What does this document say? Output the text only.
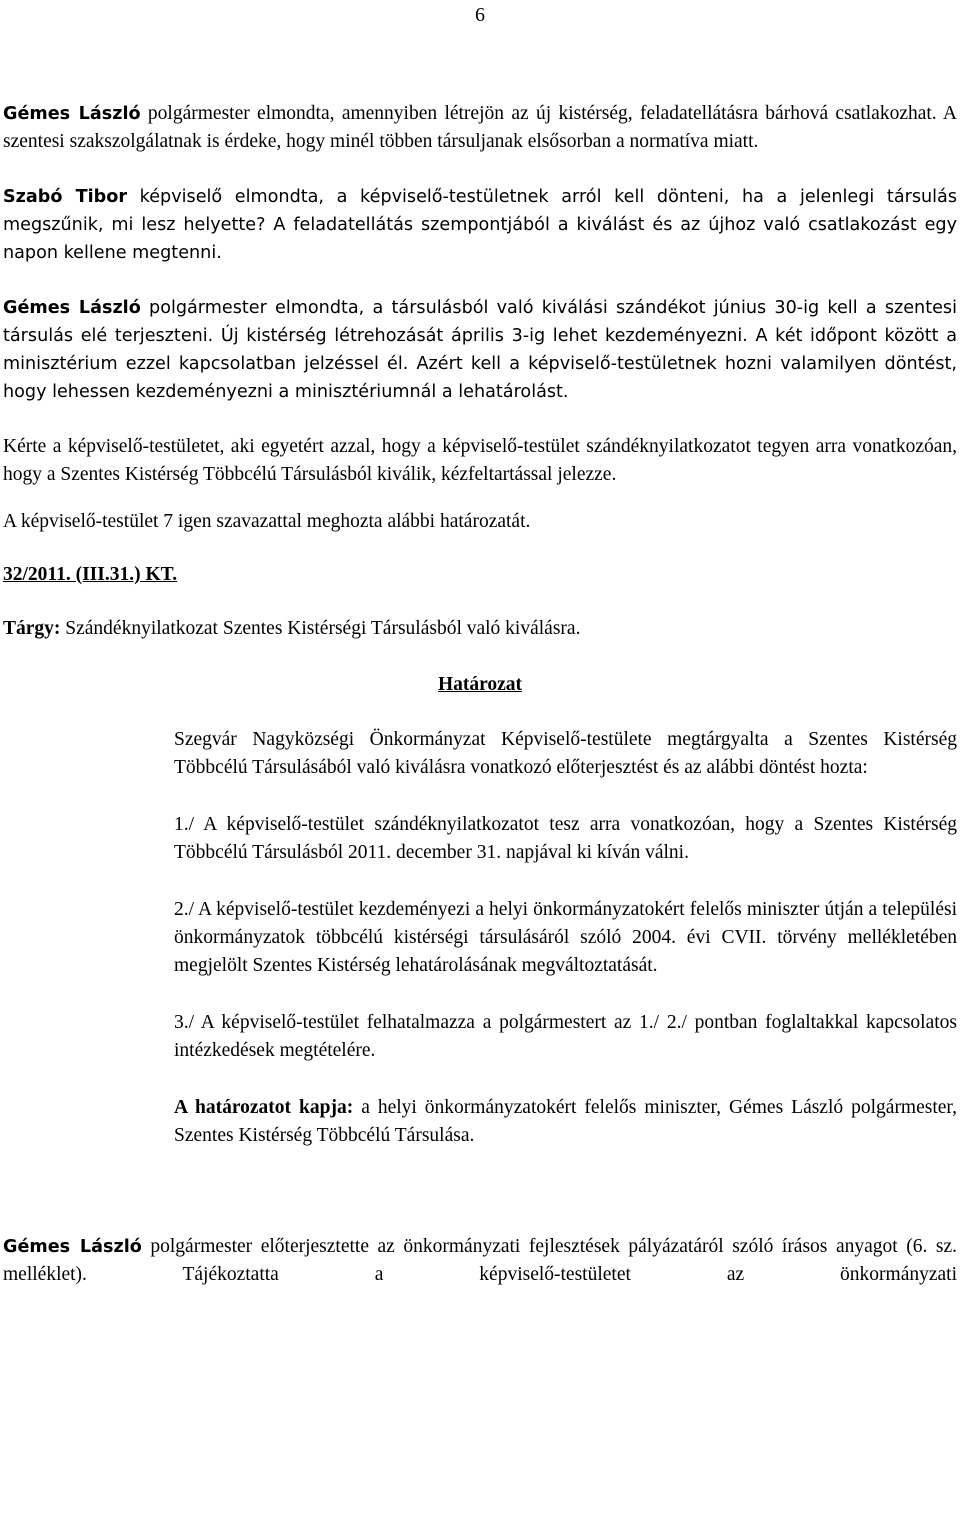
6

Gémes László polgármester elmondta, amennyiben létrejön az új kistérség, feladatellátásra bárhová csatlakozhat. A szentesi szakszolgálatnak is érdeke, hogy minél többen társuljanak elsősorban a normatíva miatt.

Szabó Tibor képviselő elmondta, a képviselő-testületnek arról kell dönteni, ha a jelenlegi társulás megszűnik, mi lesz helyette? A feladatellátás szempontjából a kiválást és az újhoz való csatlakozást egy napon kellene megtenni.

Gémes László polgármester elmondta, a társulásból való kiválási szándékot június 30-ig kell a szentesi társulás elé terjeszteni. Új kistérség létrehozását április 3-ig lehet kezdeményezni. A két időpont között a minisztérium ezzel kapcsolatban jelzéssel él. Azért kell a képviselő-testületnek hozni valamilyen döntést, hogy lehessen kezdeményezni a minisztériumnál a lehatárolást.

Kérte a képviselő-testületet, aki egyetért azzal, hogy a képviselő-testület szándéknyilatkozatot tegyen arra vonatkozóan, hogy a Szentes Kistérség Többcélú Társulásból kiválik, kézfeltartással jelezze.

A képviselő-testület 7 igen szavazattal meghozta alábbi határozatát.

32/2011. (III.31.) KT.

Tárgy: Szándéknyilatkozat Szentes Kistérségi Társulásból való kiválásra.

Határozat

Szegvár Nagyközségi Önkormányzat Képviselő-testülete megtárgyalta a Szentes Kistérség Többcélú Társulásából való kiválásra vonatkozó előterjesztést és az alábbi döntést hozta:

1./ A képviselő-testület szándéknyilatkozatot tesz arra vonatkozóan, hogy a Szentes Kistérség Többcélú Társulásból 2011. december 31. napjával ki kíván válni.

2./ A képviselő-testület kezdeményezi a helyi önkormányzatokért felelős miniszter útján a települési önkormányzatok többcélú kistérségi társulásáról szóló 2004. évi CVII. törvény mellékletében megjelölt Szentes Kistérség lehatárolásának megváltoztatását.

3./ A képviselő-testület felhatalmazza a polgármestert az 1./ 2./ pontban foglaltakkal kapcsolatos intézkedések megtételére.

A határozatot kapja: a helyi önkormányzatokért felelős miniszter, Gémes László polgármester, Szentes Kistérség Többcélú Társulása.

Gémes László polgármester előterjesztette az önkormányzati fejlesztések pályázatáról szóló írásos anyagot (6. sz. melléklet). Tájékoztatta a képviselő-testületet az önkormányzati
